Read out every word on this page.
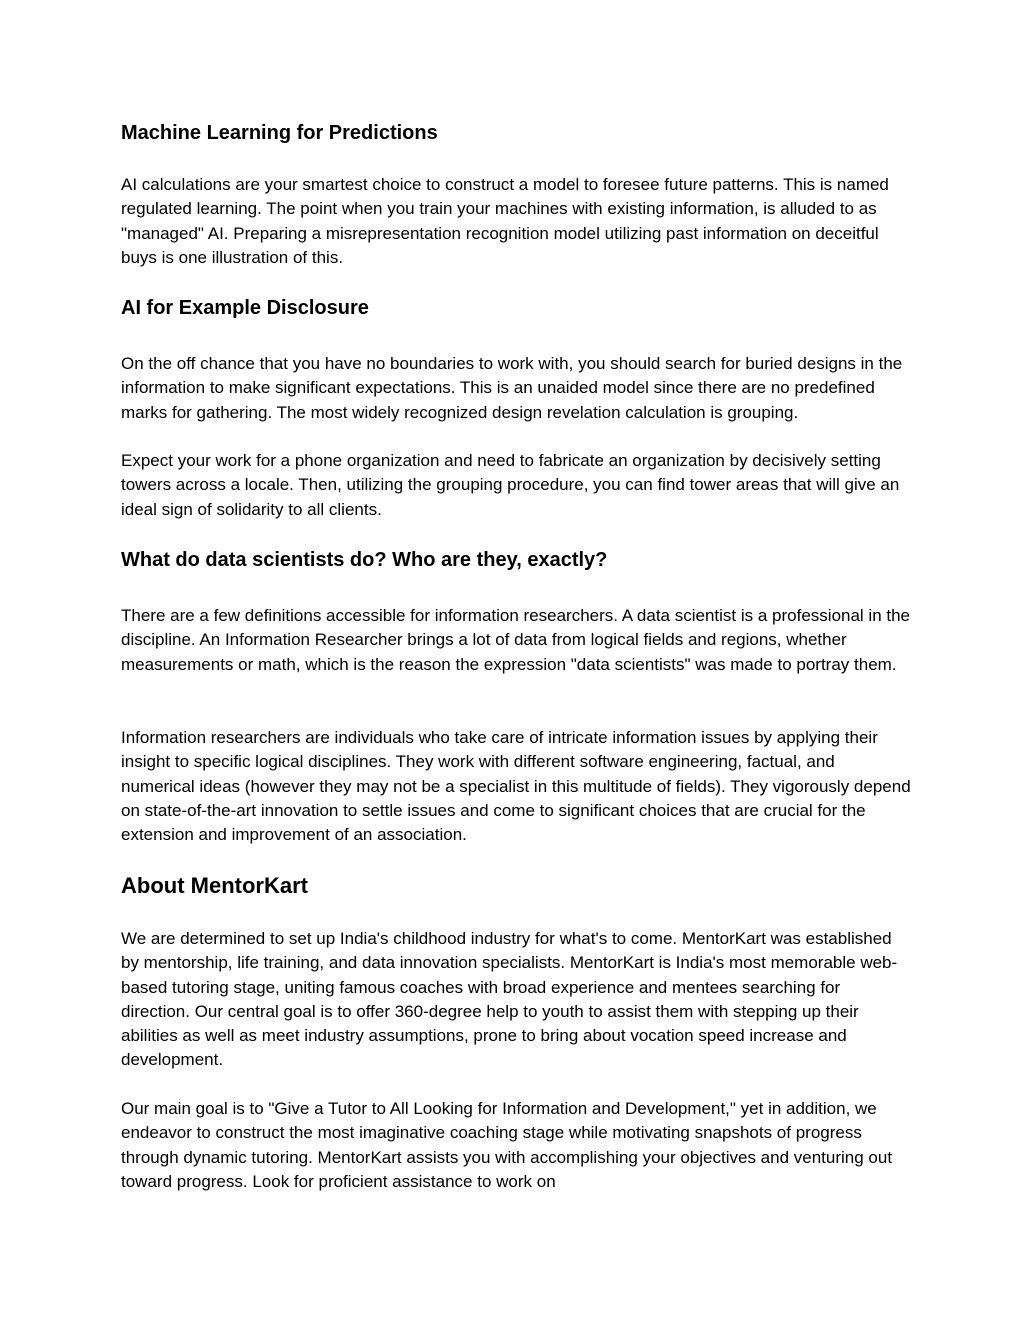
Machine Learning for Predictions

AI calculations are your smartest choice to construct a model to foresee future patterns. This is named regulated learning. The point when you train your machines with existing information, is alluded to as "managed" AI. Preparing a misrepresentation recognition model utilizing past information on deceitful buys is one illustration of this.

AI for Example Disclosure

On the off chance that you have no boundaries to work with, you should search for buried designs in the information to make significant expectations. This is an unaided model since there are no predefined marks for gathering. The most widely recognized design revelation calculation is grouping.

Expect your work for a phone organization and need to fabricate an organization by decisively setting towers across a locale. Then, utilizing the grouping procedure, you can find tower areas that will give an ideal sign of solidarity to all clients.

What do data scientists do? Who are they, exactly?

There are a few definitions accessible for information researchers. A data scientist is a professional in the discipline. An Information Researcher brings a lot of data from logical fields and regions, whether measurements or math, which is the reason the expression "data scientists" was made to portray them.

Information researchers are individuals who take care of intricate information issues by applying their insight to specific logical disciplines. They work with different software engineering, factual, and numerical ideas (however they may not be a specialist in this multitude of fields). They vigorously depend on state-of-the-art innovation to settle issues and come to significant choices that are crucial for the extension and improvement of an association.

About MentorKart

We are determined to set up India's childhood industry for what's to come. MentorKart was established by mentorship, life training, and data innovation specialists. MentorKart is India's most memorable web-based tutoring stage, uniting famous coaches with broad experience and mentees searching for direction. Our central goal is to offer 360-degree help to youth to assist them with stepping up their abilities as well as meet industry assumptions, prone to bring about vocation speed increase and development.

Our main goal is to "Give a Tutor to All Looking for Information and Development," yet in addition, we endeavor to construct the most imaginative coaching stage while motivating snapshots of progress through dynamic tutoring. MentorKart assists you with accomplishing your objectives and venturing out toward progress. Look for proficient assistance to work on
